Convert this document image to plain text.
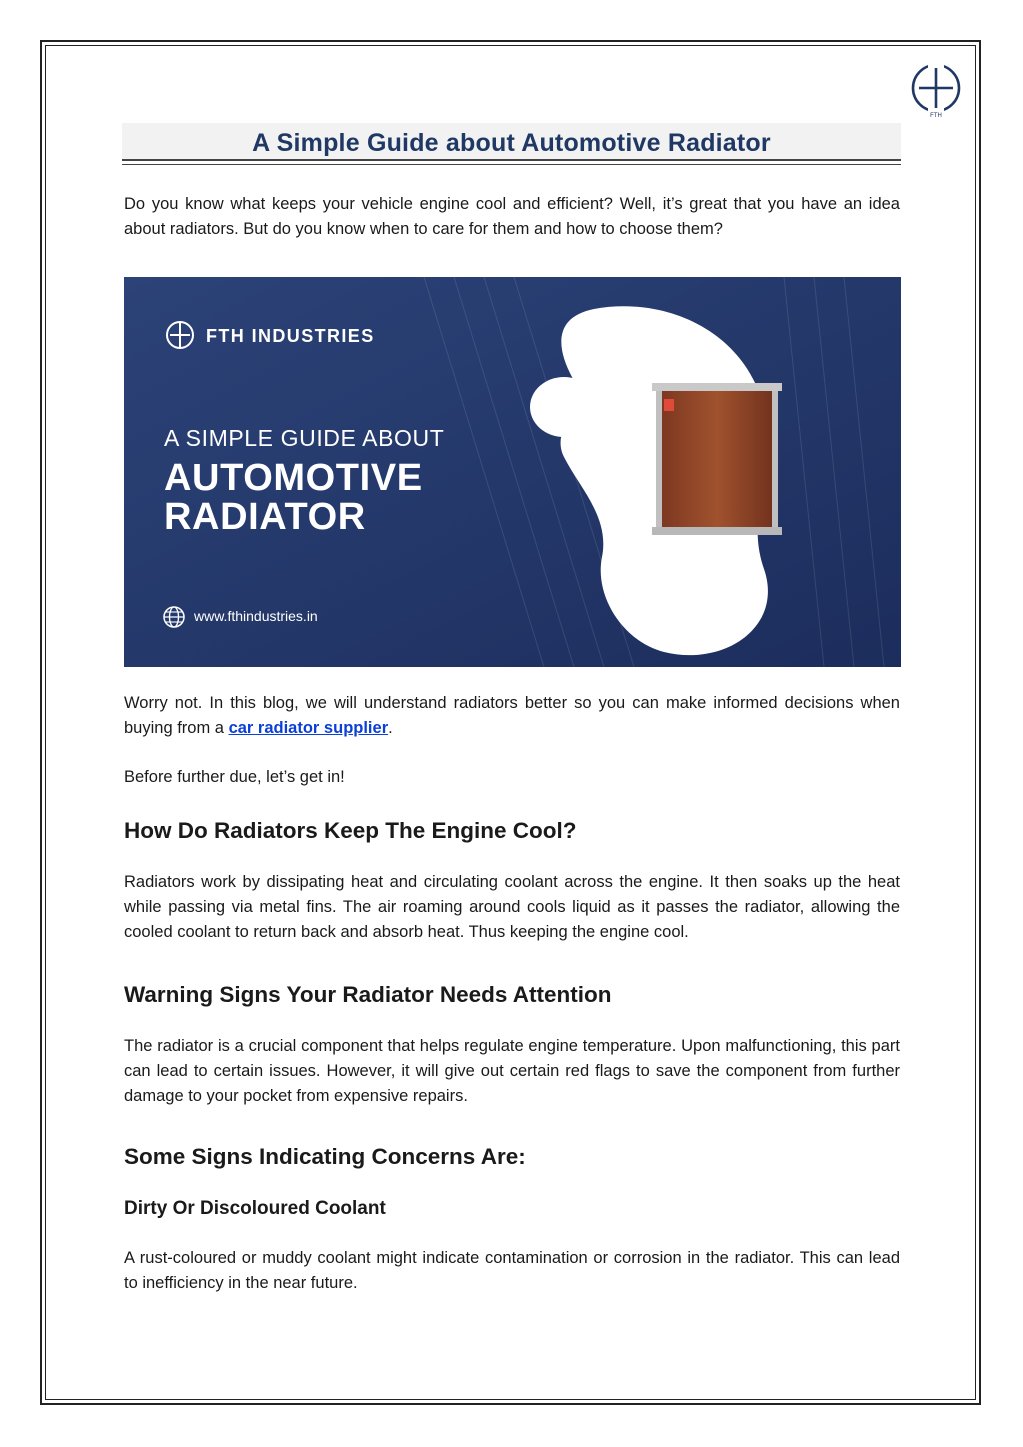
FTH
A Simple Guide about Automotive Radiator

Do you know what keeps your vehicle engine cool and efficient? Well, it’s great that you have an idea about radiators. But do you know when to care for them and how to choose them?

FTH INDUSTRIES
A SIMPLE GUIDE ABOUT
AUTOMOTIVE
RADIATOR
www.fthindustries.in

Worry not. In this blog, we will understand radiators better so you can make informed decisions when buying from a car radiator supplier.

Before further due, let’s get in!

How Do Radiators Keep The Engine Cool?

Radiators work by dissipating heat and circulating coolant across the engine. It then soaks up the heat while passing via metal fins. The air roaming around cools liquid as it passes the radiator, allowing the cooled coolant to return back and absorb heat. Thus keeping the engine cool.

Warning Signs Your Radiator Needs Attention

The radiator is a crucial component that helps regulate engine temperature. Upon malfunctioning, this part can lead to certain issues. However, it will give out certain red flags to save the component from further damage to your pocket from expensive repairs.

Some Signs Indicating Concerns Are:
Dirty Or Discoloured Coolant

A rust-coloured or muddy coolant might indicate contamination or corrosion in the radiator. This can lead to inefficiency in the near future.
